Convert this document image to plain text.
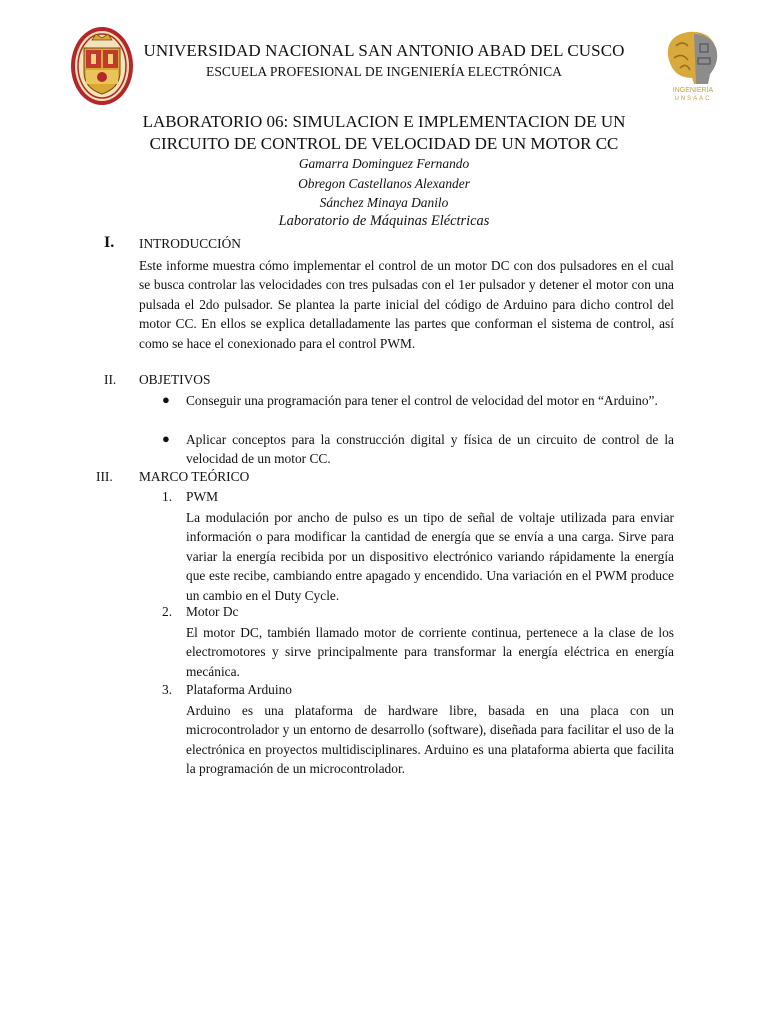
INGENIERÍA
UNSAAC
UNIVERSIDAD NACIONAL SAN ANTONIO ABAD DEL CUSCO
ESCUELA PROFESIONAL DE INGENIERÍA ELECTRÓNICA
LABORATORIO 06: SIMULACION E IMPLEMENTACION DE UN
CIRCUITO DE CONTROL DE VELOCIDAD DE UN MOTOR CC
Gamarra Dominguez Fernando
Obregon Castellanos Alexander
Sánchez Minaya Danilo
Laboratorio de Máquinas Eléctricas
I. INTRODUCCIÓN
Este informe muestra cómo implementar el control de un motor DC con dos pulsadores en el cual se busca controlar las velocidades con tres pulsadas con el 1er pulsador y detener el motor con una pulsada el 2do pulsador. Se plantea la parte inicial del código de Arduino para dicho control del motor CC. En ellos se explica detalladamente las partes que conforman el sistema de control, así como se hace el conexionado para el control PWM.
II. OBJETIVOS
● Conseguir una programación para tener el control de velocidad del motor en “Arduino”.
● Aplicar conceptos para la construcción digital y física de un circuito de control de la velocidad de un motor CC.
III. MARCO TEÓRICO
1. PWM
La modulación por ancho de pulso es un tipo de señal de voltaje utilizada para enviar información o para modificar la cantidad de energía que se envía a una carga. Sirve para variar la energía recibida por un dispositivo electrónico variando rápidamente la energía que este recibe, cambiando entre apagado y encendido. Una variación en el PWM produce un cambio en el Duty Cycle.
2. Motor Dc
El motor DC, también llamado motor de corriente continua, pertenece a la clase de los electromotores y sirve principalmente para transformar la energía eléctrica en energía mecánica.
3. Plataforma Arduino
Arduino es una plataforma de hardware libre, basada en una placa con un microcontrolador y un entorno de desarrollo (software), diseñada para facilitar el uso de la electrónica en proyectos multidisciplinares. Arduino es una plataforma abierta que facilita la programación de un microcontrolador.
